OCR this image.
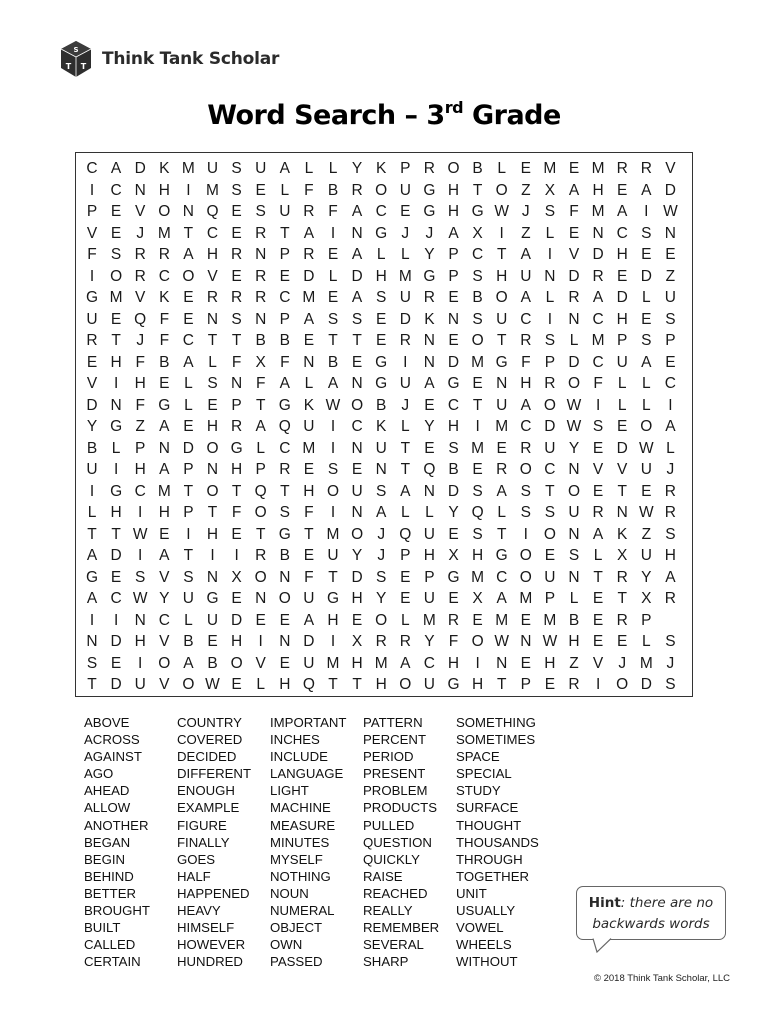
S
T T Think Tank Scholar
Word Search – 3rd Grade
C A D K M U S U A L L Y K P R O B L E M E M R R V
I	C N H	I M S E L F B R O U G H T O Z X A H E A D
P E V O N Q E S U R F A C E G H G W J S F M A	I W
V E J M T C E R T A	I	N G J	J A X	I	Z L E N C S N
F S R R A H R N P R E A L L Y P C T A	I	V D H E E
I	O R C O V E R E D L D H M G P S H U N D R E D Z
G M V K E R R R C M E A S U R E B O A L R A D L U
U E Q F E N S N P A S S E D K N S U C	I	N C H E S
R T J	F C T T B B E T T E R N E O T R S L M P S P
E H F B A L F X F N B E G	I	N D M G F P D C U A E
V	I	H E L S N F A L A N G U A G E N H R O F L L C
D N F G L E P T G K W O B J E C T U A O W I	L L	I
Y G Z A E H R A Q U	I	C K L Y H	I M C D W S E O A
B L P N D O G L C M	I	N U T E S M E R U Y E D W L
U	I	H A P N H P R E S E N T Q B E R O C N V V U J
I	G C M T O T Q T H O U S A N D S A S T O E T E R
L H	I	H P T F O S F	I	N A L L Y Q L S S U R N W R
T T W E	I	H E T G T M O J Q U E S T	I	O N A K Z S
A D	I	A T	I	I	R B E U Y J P H X H G O E S L X U H
G E S V S N X O N F T D S E P G M C O U N T R Y A
A C W Y U G E N O U G H Y E U E X A M P L E T X R
I	I	N C L U D E E A H E O L M R E M E M B E R P
N D H V B E H	I	N D	I	X R R Y F O W N W H E E L S
S E	I	O A B O V E U M H M A C H	I	N E H Z V J M J
T D U V O W E L H Q T T H O U G H T P E R	I	O D S
ABOVE
ACROSS
AGAINST
AGO
AHEAD
ALLOW
ANOTHER
BEGAN
BEGIN
BEHIND
BETTER
BROUGHT
BUILT
CALLED
CERTAIN
COUNTRY
COVERED
DECIDED
DIFFERENT
ENOUGH
EXAMPLE
FIGURE
FINALLY
GOES
HALF
HAPPENED
HEAVY
HIMSELF
HOWEVER
HUNDRED
IMPORTANT
INCHES
INCLUDE
LANGUAGE
LIGHT
MACHINE
MEASURE
MINUTES
MYSELF
NOTHING
NOUN
NUMERAL
OBJECT
OWN
PASSED
PATTERN
PERCENT
PERIOD
PRESENT
PROBLEM
PRODUCTS
PULLED
QUESTION
QUICKLY
RAISE
REACHED
REALLY
REMEMBER
SEVERAL
SHARP
SOMETHING
SOMETIMES
SPACE
SPECIAL
STUDY
SURFACE
THOUGHT
THOUSANDS
THROUGH
TOGETHER
UNIT
USUALLY
VOWEL
WHEELS
WITHOUT
Hint: there are no
backwards words
© 2018 Think Tank Scholar, LLC
